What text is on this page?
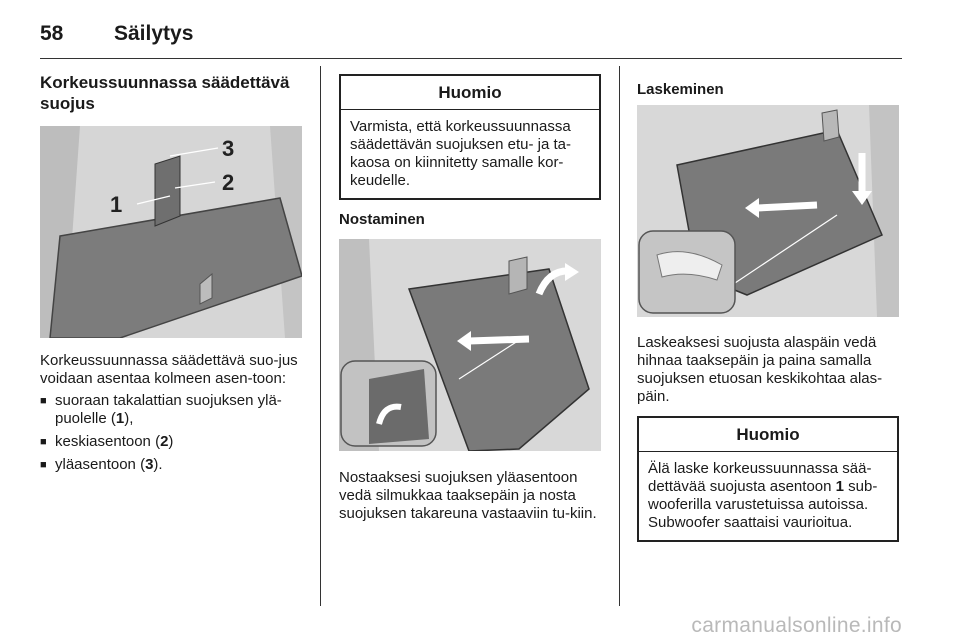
58 Säilytys
Korkeussuunnassa säädettävä suojus
1
2
3

Korkeussuunnassa säädettävä suo-jus voidaan asentaa kolmeen asen-toon:

■ suoraan takalattian suojuksen ylä-puolelle (1),
■ keskiasentoon (2)
■ yläasentoon (3).
Huomio
Varmista, että korkeussuunnassa säädettävän suojuksen etu- ja ta-kaosa on kiinnitetty samalle kor-keudelle.
Nostaminen

Nostaaksesi suojuksen yläasentoon vedä silmukkaa taaksepäin ja nosta suojuksen takareuna vastaaviin tu-kiin.

Laskeminen

Laskeaksesi suojusta alaspäin vedä hihnaa taaksepäin ja paina samalla suojuksen etuosan keskikohtaa alas-päin.

Huomio
Älä laske korkeussuunnassa sää-dettävää suojusta asentoon 1 sub-wooferilla varustetuissa autoissa. Subwoofer saattaisi vaurioitua.
carmanualsonline.info
